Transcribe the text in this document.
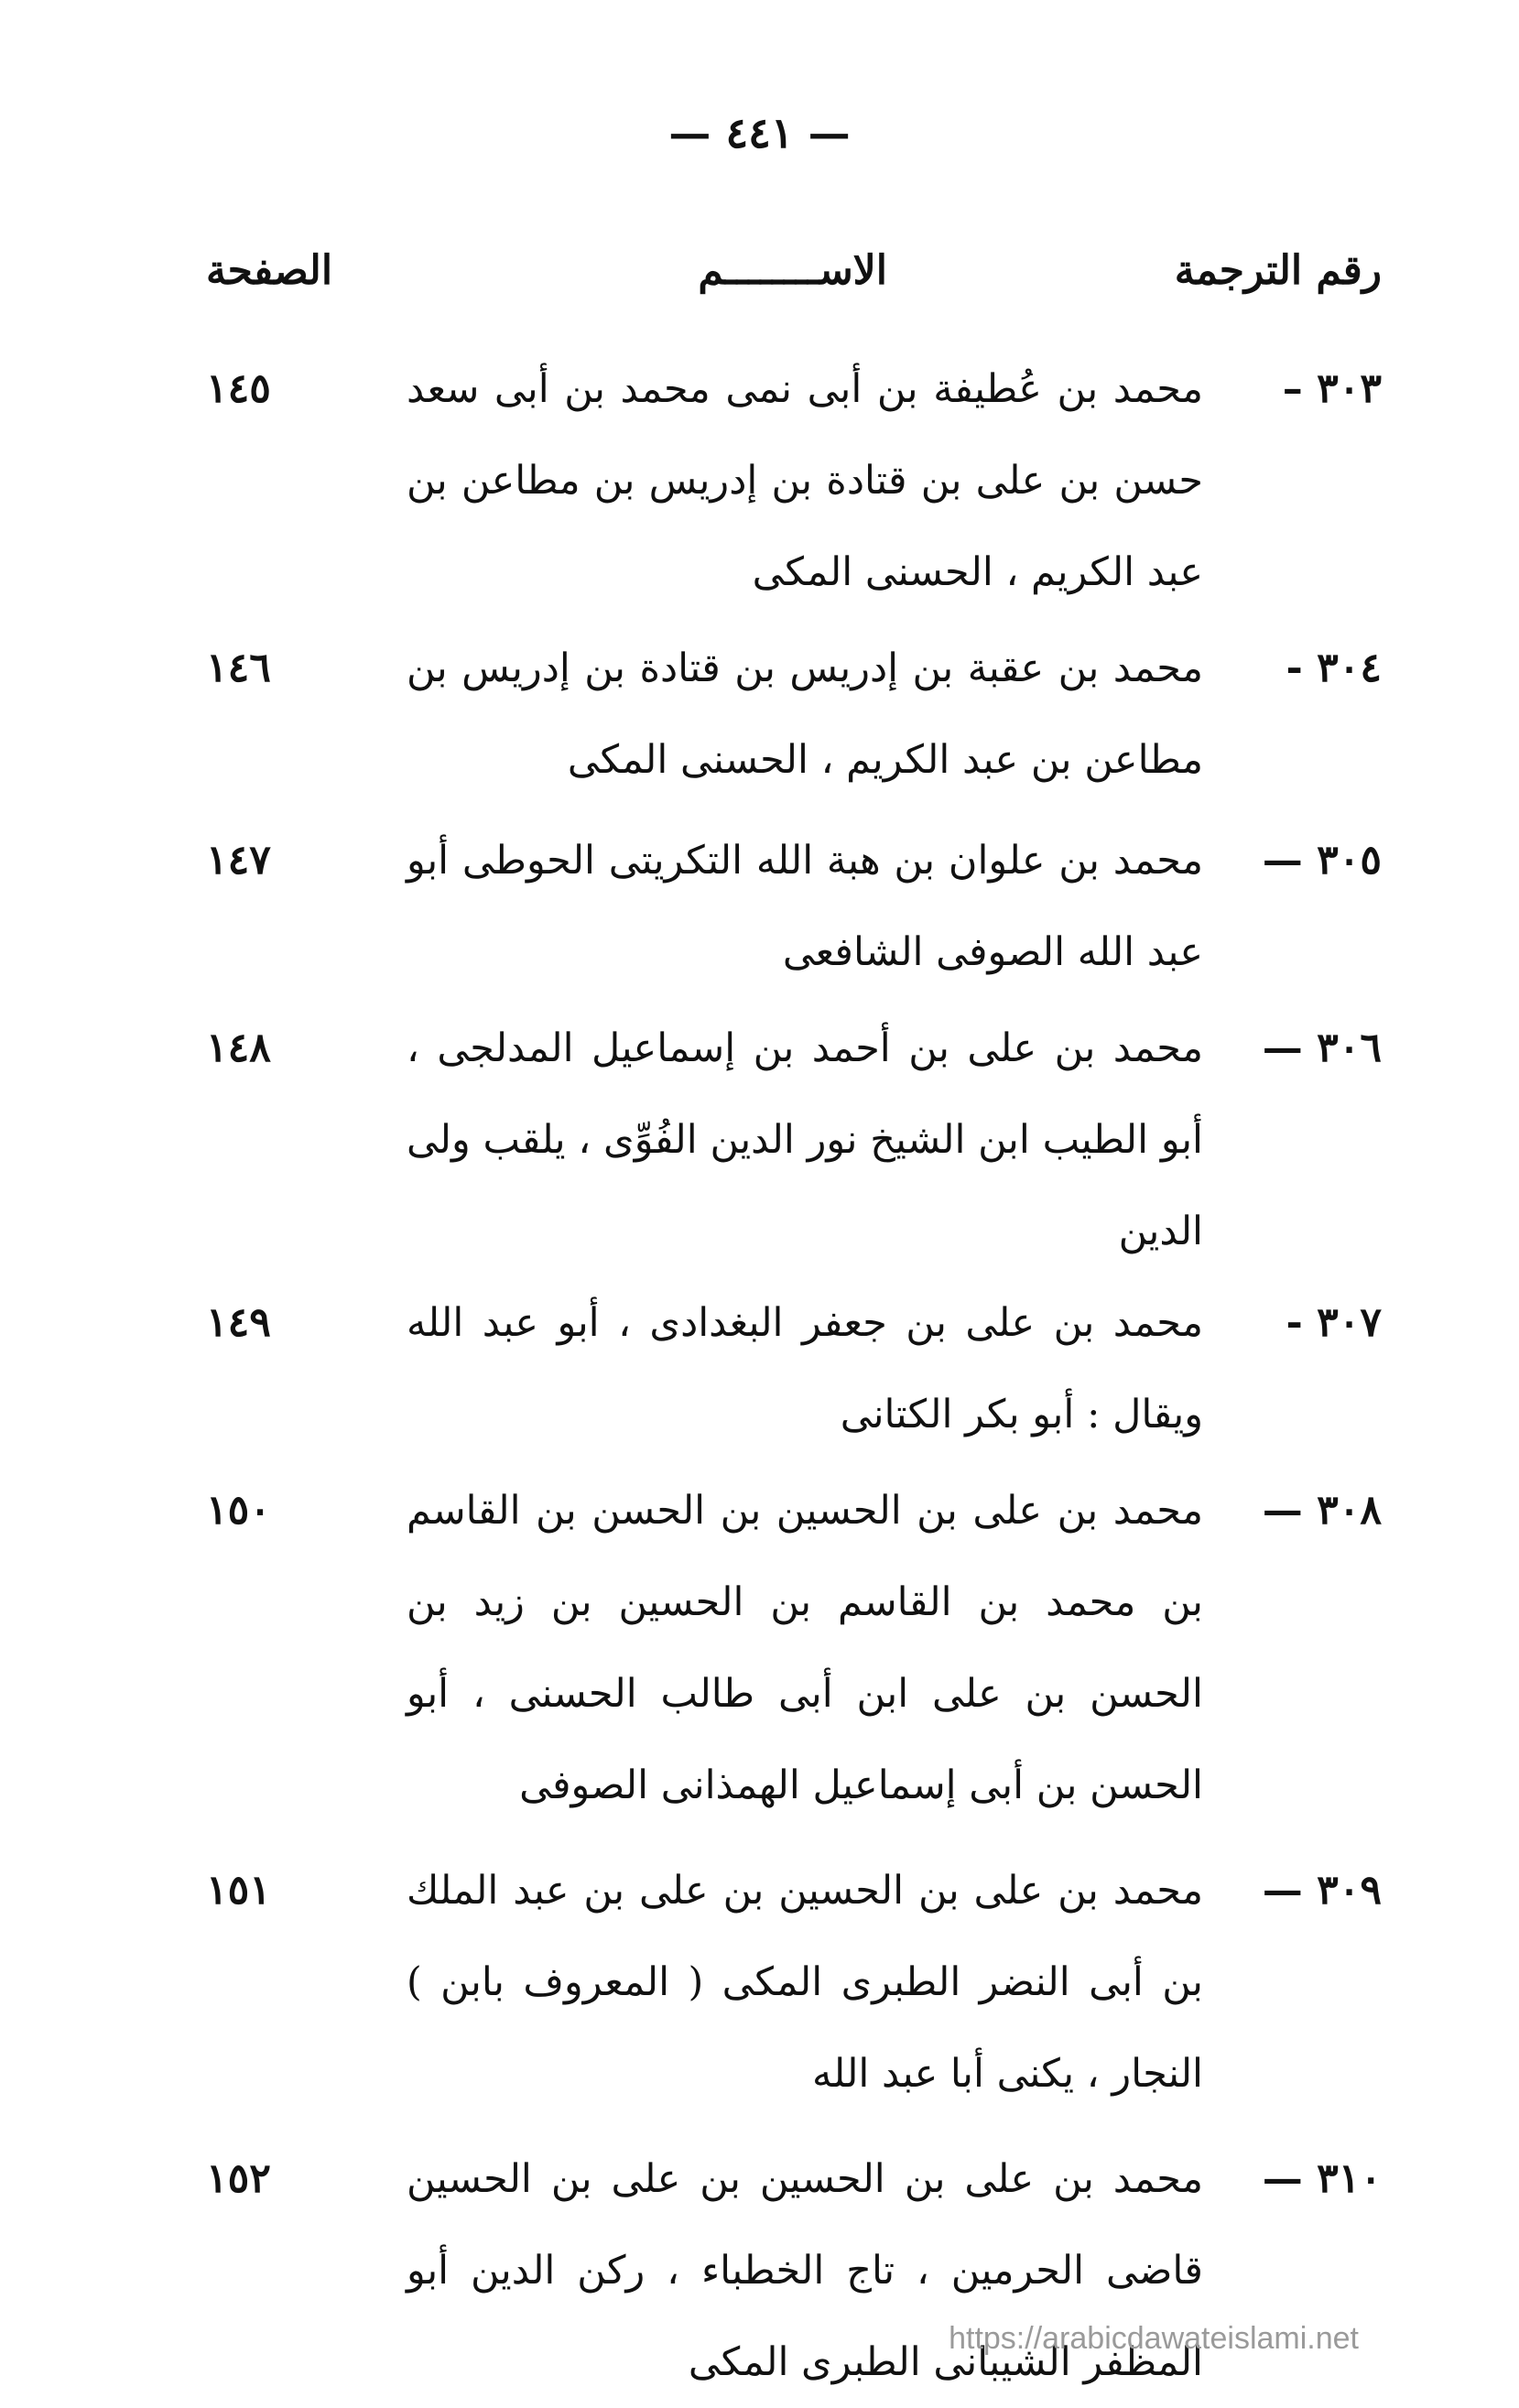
— ٤٤١ —
رقم الترجمة
الاســــــــم
الصفحة
٣٠٣ –
محمد بن عُطيفة بن أبى نمى محمد بن أبى سعد حسن بن على بن قتادة بن إدريس بن مطاعن بن عبد الكريم ، الحسنى المكى
١٤٥
٣٠٤ -
محمد بن عقبة بن إدريس بن قتادة بن إدريس بن مطاعن بن عبد الكريم ، الحسنى المكى
١٤٦
٣٠٥ —
محمد بن علوان بن هبة الله التكريتى الحوطى أبو عبد الله الصوفى الشافعى
١٤٧
٣٠٦ —
محمد بن على بن أحمد بن إسماعيل المدلجى ، أبو الطيب ابن الشيخ نور الدين الفُوِّى ، يلقب ولى الدين
١٤٨
٣٠٧ -
محمد بن على بن جعفر البغدادى ، أبو عبد الله ويقال : أبو بكر الكتانى
١٤٩
٣٠٨ —
محمد بن على بن الحسين بن الحسن بن القاسم بن محمد بن القاسم بن الحسين بن زيد بن الحسن بن على ابن أبى طالب الحسنى ، أبو الحسن بن أبى إسماعيل الهمذانى الصوفى
١٥٠
٣٠٩ —
محمد بن على بن الحسين بن على بن عبد الملك بن أبى النضر الطبرى المكى ( المعروف بابن ) النجار ، يكنى أبا عبد الله
١٥١
٣١٠ —
محمد بن على بن الحسين بن على بن الحسين قاضى الحرمين ، تاج الخطباء ، ركن الدين أبو المظفر الشيبانى الطبرى المكى
١٥٢
https://arabicdawateislami.net
